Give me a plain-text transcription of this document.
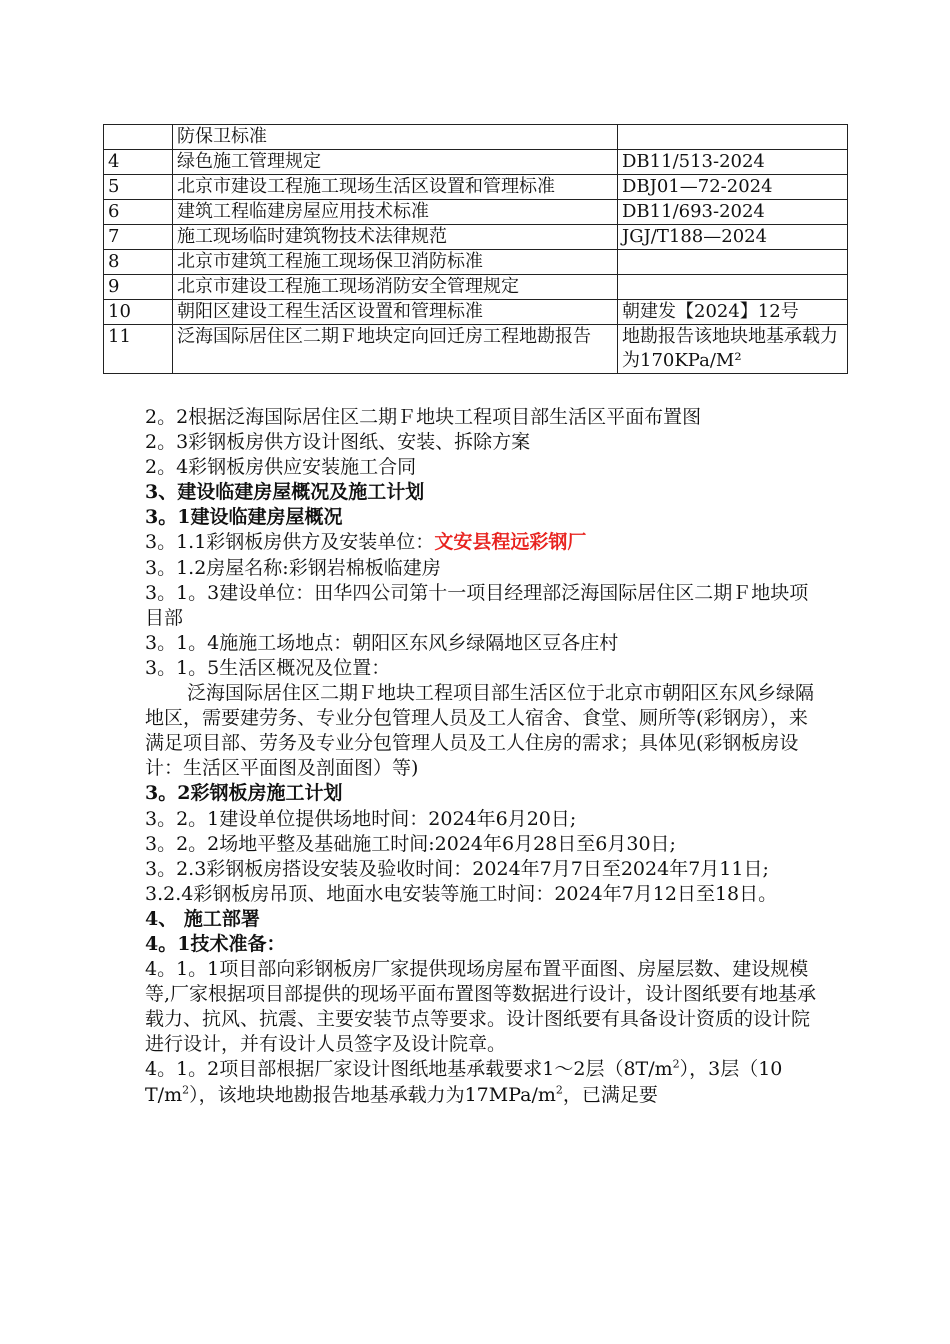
	防保卫标准	
4	绿色施工管理规定	DB11/513-2024
5	北京市建设工程施工现场生活区设置和管理标准	DBJ01—72-2024
6	建筑工程临建房屋应用技术标准	DB11/693-2024
7	施工现场临时建筑物技术法律规范	JGJ/T188—2024
8	北京市建筑工程施工现场保卫消防标准	
9	北京市建设工程施工现场消防安全管理规定	
10	朝阳区建设工程生活区设置和管理标准	朝建发【2024】12号
11	泛海国际居住区二期Ｆ地块定向回迁房工程地勘报告	地勘报告该地块地基承载力为170KPa/M²

2。2根据泛海国际居住区二期Ｆ地块工程项目部生活区平面布置图

2。3彩钢板房供方设计图纸、安装、拆除方案

2。4彩钢板房供应安装施工合同

3、建设临建房屋概况及施工计划

3。1建设临建房屋概况

3。1.1彩钢板房供方及安装单位：文安县程远彩钢厂

3。1.2房屋名称:彩钢岩棉板临建房

3。1。3建设单位：田华四公司第十一项目经理部泛海国际居住区二期Ｆ地块项目部

3。1。4施施工场地点：朝阳区东风乡绿隔地区豆各庄村

3。1。5生活区概况及位置：

泛海国际居住区二期Ｆ地块工程项目部生活区位于北京市朝阳区东风乡绿隔地区，需要建劳务、专业分包管理人员及工人宿舍、食堂、厕所等(彩钢房），来满足项目部、劳务及专业分包管理人员及工人住房的需求；具体见(彩钢板房设计：生活区平面图及剖面图）等)

3。2彩钢板房施工计划

3。2。1建设单位提供场地时间：2024年6月20日;

3。2。2场地平整及基础施工时间:2024年6月28日至6月30日;

3。2.3彩钢板房搭设安装及验收时间：2024年7月7日至2024年7月11日;

3.2.4彩钢板房吊顶、地面水电安装等施工时间：2024年7月12日至18日。

4、 施工部署

4。1技术准备：

4。1。1项目部向彩钢板房厂家提供现场房屋布置平面图、房屋层数、建设规模等,厂家根据项目部提供的现场平面布置图等数据进行设计，设计图纸要有地基承载力、抗风、抗震、主要安装节点等要求。设计图纸要有具备设计资质的设计院进行设计，并有设计人员签字及设计院章。

4。1。2项目部根据厂家设计图纸地基承载要求1～2层$(8T/m^2)$，3层（10 $T/m^2$），该地块地勘报告地基承载力为$17MPa/m^2$，已满足要
